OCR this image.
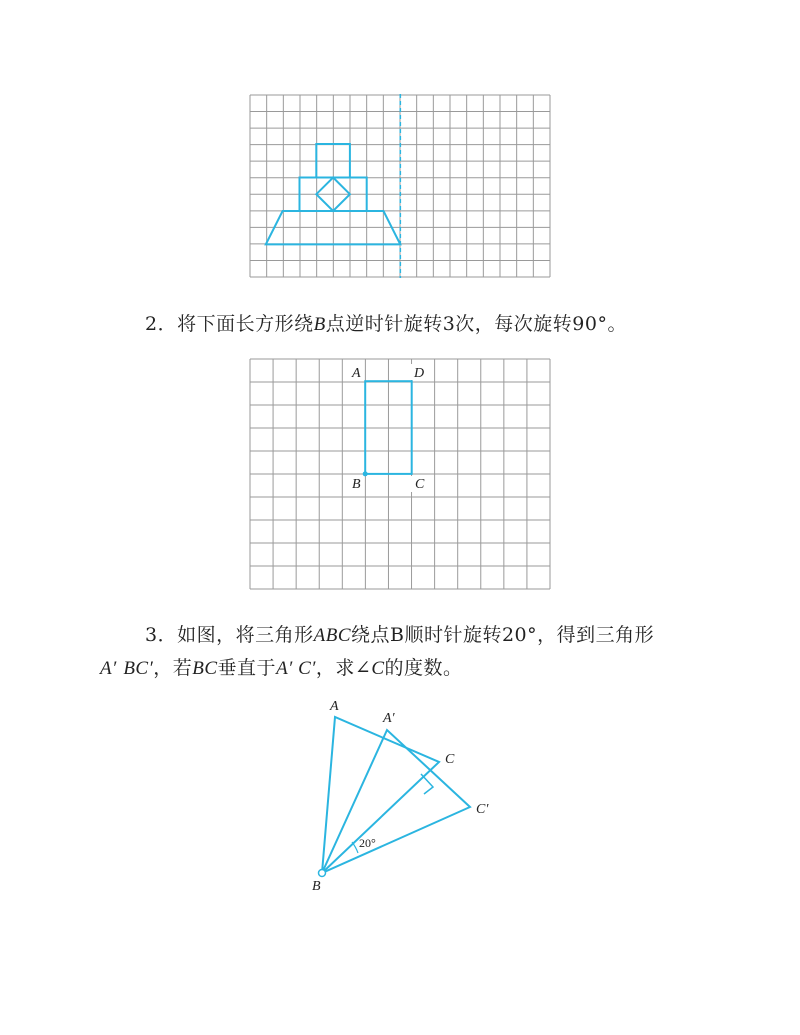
2．将下面长方形绕B点逆时针旋转3次，每次旋转90°。

A	D
B	C

3．如图，将三角形ABC绕点B顺时针旋转20°，得到三角形

A′ BC′，若BC垂直于A′ C′，求∠C的度数。

A
A′
C
C′
B
20°
